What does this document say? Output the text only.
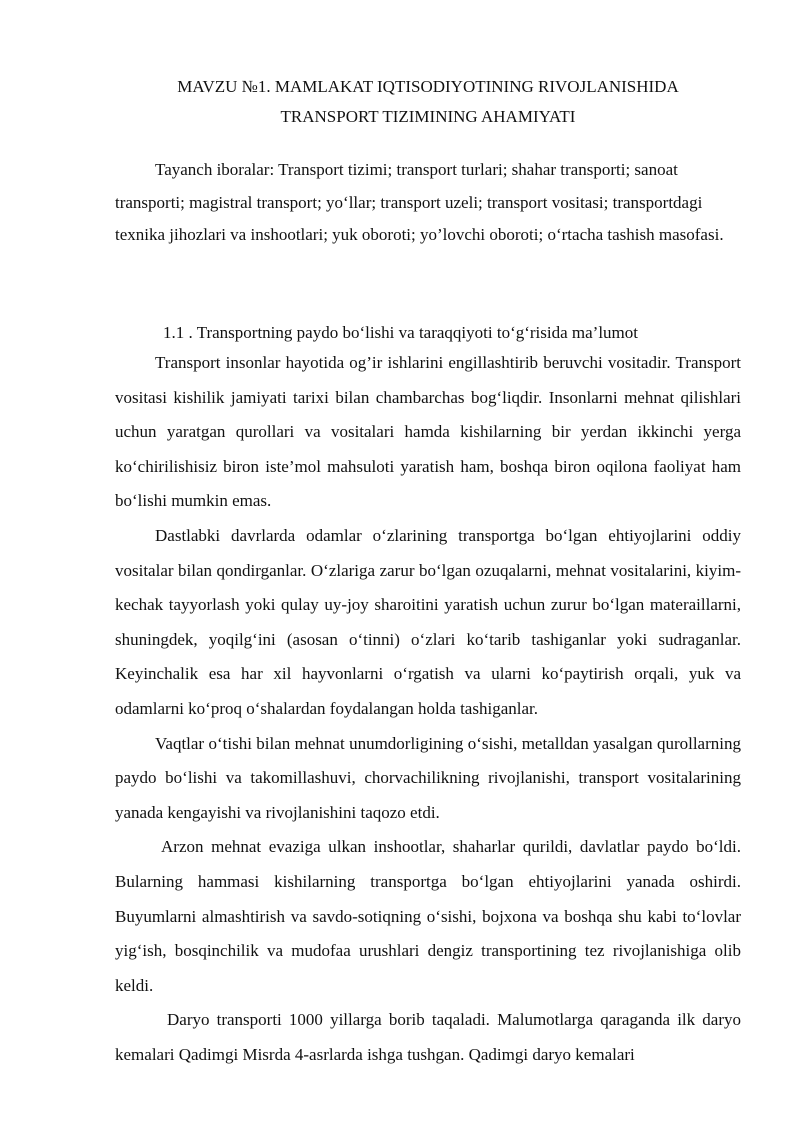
MAVZU №1. MAMLAKAT IQTISODIYOTINING RIVOJLANISHIDA
TRANSPORT TIZIMINING AHAMIYATI

Tayanch iboralar: Transport tizimi; transport turlari; shahar transporti; sanoat transporti; magistral transport; yo‘llar; transport uzeli; transport vositasi; transportdagi texnika jihozlari va inshootlari; yuk oboroti; yo’lovchi oboroti; o‘rtacha tashish masofasi.

1.1 . Transportning paydo bo‘lishi va taraqqiyoti to‘g‘risida ma’lumot

Transport insonlar hayotida og’ir ishlarini engillashtirib beruvchi vositadir. Transport vositasi kishilik jamiyati tarixi bilan chambarchas bog‘liqdir. Insonlarni mehnat qilishlari uchun yaratgan qurollari va vositalari hamda kishilarning bir yerdan ikkinchi yerga ko‘chirilishisiz biron iste’mol mahsuloti yaratish ham, boshqa biron oqilona faoliyat ham bo‘lishi mumkin emas.

Dastlabki davrlarda odamlar o‘zlarining transportga bo‘lgan ehtiyojlarini oddiy vositalar bilan qondirganlar. O‘zlariga zarur bo‘lgan ozuqalarni, mehnat vositalarini, kiyim-kechak tayyorlash yoki qulay uy-joy sharoitini yaratish uchun zurur bo‘lgan materaillarni, shuningdek, yoqilg‘ini (asosan o‘tinni) o‘zlari ko‘tarib tashiganlar yoki sudraganlar. Keyinchalik esa har xil hayvonlarni o‘rgatish va ularni ko‘paytirish orqali, yuk va odamlarni ko‘proq o‘shalardan foydalangan holda tashiganlar.

Vaqtlar o‘tishi bilan mehnat unumdorligining o‘sishi, metalldan yasalgan qurollarning paydo bo‘lishi va takomillashuvi, chorvachilikning rivojlanishi, transport vositalarining yanada kengayishi va rivojlanishini taqozo etdi.

Arzon mehnat evaziga ulkan inshootlar, shaharlar qurildi, davlatlar paydo bo‘ldi. Bularning hammasi kishilarning transportga bo‘lgan ehtiyojlarini yanada oshirdi. Buyumlarni almashtirish va savdo-sotiqning o‘sishi, bojxona va boshqa shu kabi to‘lovlar yig‘ish, bosqinchilik va mudofaa urushlari dengiz transportining tez rivojlanishiga olib keldi.

Daryo transporti 1000 yillarga borib taqaladi. Malumotlarga qaraganda ilk daryo kemalari Qadimgi Misrda 4-asrlarda ishga tushgan. Qadimgi daryo kemalari
